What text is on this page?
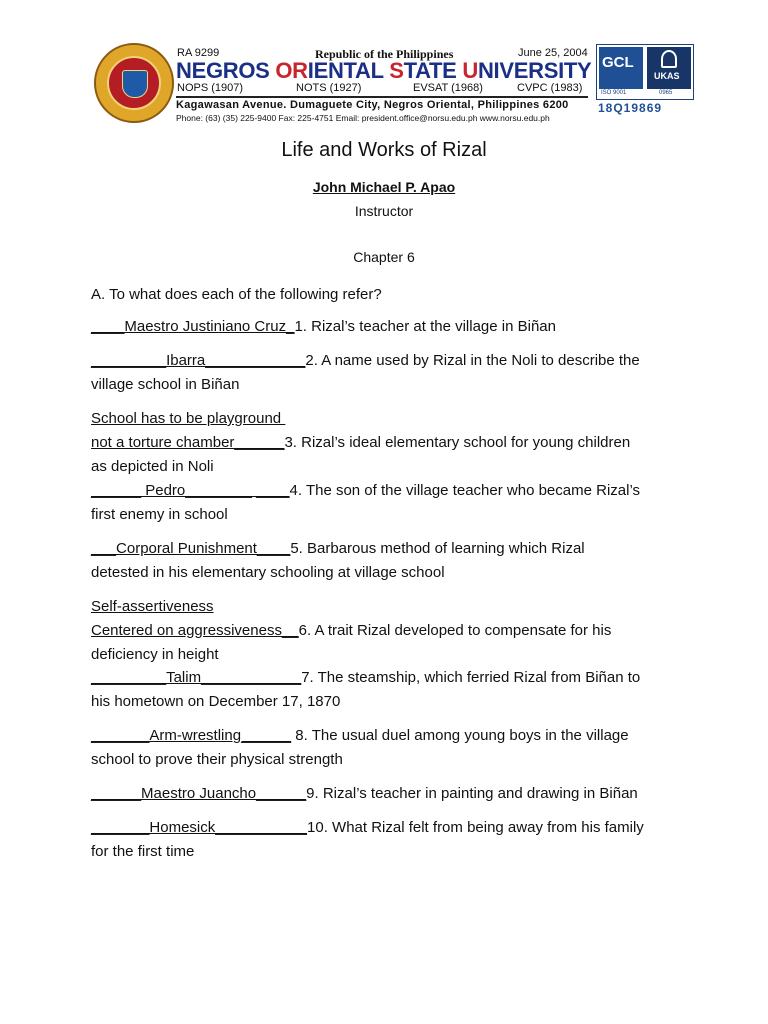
RA 9299	Republic of the Philippines	June 25, 2004
NEGROS ORIENTAL STATE UNIVERSITY
NOPS (1907)	NOTS (1927)	EVSAT (1968)	CVPC (1983)
Kagawasan Avenue. Dumaguete City, Negros Oriental, Philippines 6200
Phone: (63) (35) 225-9400 Fax: 225-4751 Email: president.office@norsu.edu.ph www.norsu.edu.ph
GCL
UKAS
ISO 9001	0965
18Q19869
Life and Works of Rizal
John Michael P. Apao
Instructor
Chapter 6
A. To what does each of the following refer?
____Maestro Justiniano Cruz_1. Rizal’s teacher at the village in Biñan
_________Ibarra____________2. A name used by Rizal in the Noli to describe the
village school in Biñan
School has to be playground
not a torture chamber______3. Rizal’s ideal elementary school for young children
as depicted in Noli
______ Pedro________ ____4. The son of the village teacher who became Rizal’s
first enemy in school
___Corporal Punishment____5. Barbarous method of learning which Rizal
detested in his elementary schooling at village school
Self-assertiveness
Centered on aggressiveness__6. A trait Rizal developed to compensate for his
deficiency in height
_________Talim____________7. The steamship, which ferried Rizal from Biñan to
his hometown on December 17, 1870
_______Arm-wrestling______ 8. The usual duel among young boys in the village
school to prove their physical strength
______Maestro Juancho______9. Rizal’s teacher in painting and drawing in Biñan
_______Homesick___________10. What Rizal felt from being away from his family
for the first time
